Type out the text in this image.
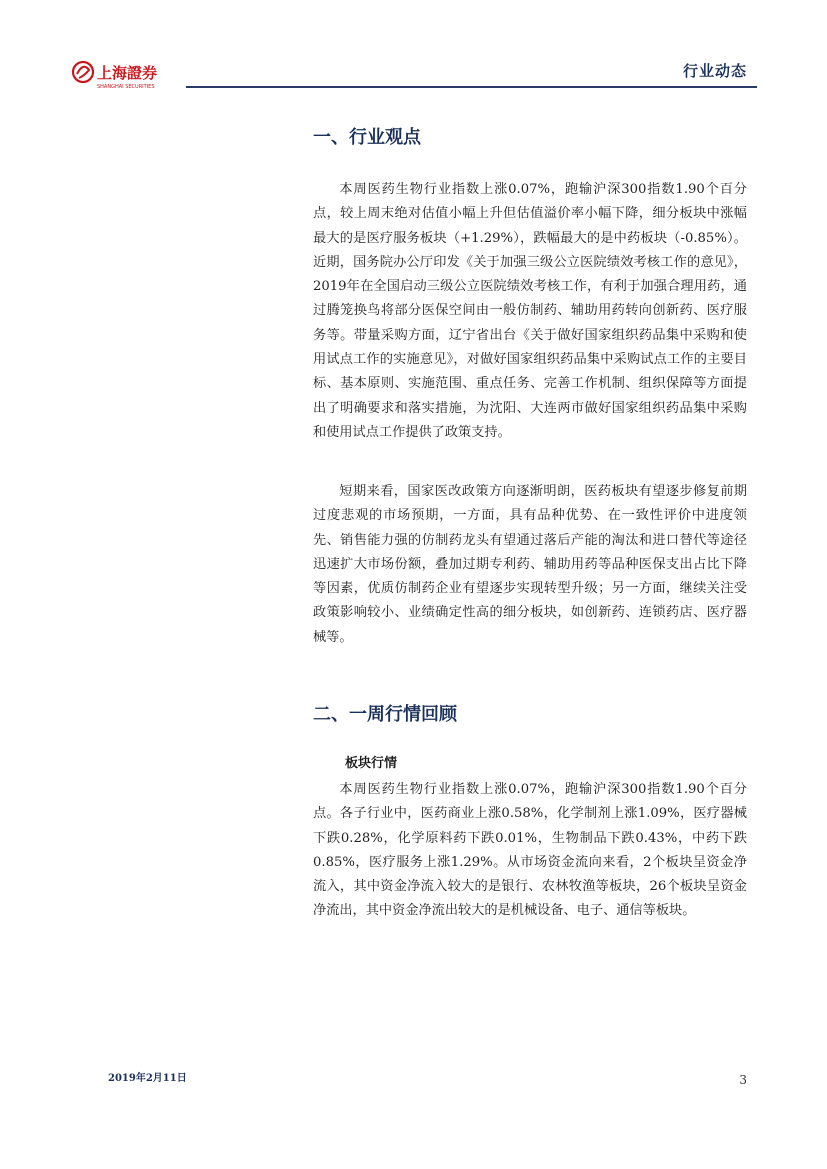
上海證券
SHANGHAI SECURITIES
行业动态
一、行业观点

本周医药生物行业指数上涨0.07%，跑输沪深300指数1.90个百分点，较上周末绝对估值小幅上升但估值溢价率小幅下降，细分板块中涨幅最大的是医疗服务板块（+1.29%），跌幅最大的是中药板块（-0.85%）。近期，国务院办公厅印发《关于加强三级公立医院绩效考核工作的意见》，2019年在全国启动三级公立医院绩效考核工作，有利于加强合理用药，通过腾笼换鸟将部分医保空间由一般仿制药、辅助用药转向创新药、医疗服务等。带量采购方面，辽宁省出台《关于做好国家组织药品集中采购和使用试点工作的实施意见》，对做好国家组织药品集中采购试点工作的主要目标、基本原则、实施范围、重点任务、完善工作机制、组织保障等方面提出了明确要求和落实措施，为沈阳、大连两市做好国家组织药品集中采购和使用试点工作提供了政策支持。

短期来看，国家医改政策方向逐渐明朗，医药板块有望逐步修复前期过度悲观的市场预期，一方面，具有品种优势、在一致性评价中进度领先、销售能力强的仿制药龙头有望通过落后产能的淘汰和进口替代等途径迅速扩大市场份额，叠加过期专利药、辅助用药等品种医保支出占比下降等因素，优质仿制药企业有望逐步实现转型升级；另一方面，继续关注受政策影响较小、业绩确定性高的细分板块，如创新药、连锁药店、医疗器械等。

二、一周行情回顾
板块行情

本周医药生物行业指数上涨0.07%，跑输沪深300指数1.90个百分点。各子行业中，医药商业上涨0.58%，化学制剂上涨1.09%，医疗器械下跌0.28%，化学原料药下跌0.01%，生物制品下跌0.43%，中药下跌0.85%，医疗服务上涨1.29%。从市场资金流向来看，2个板块呈资金净流入，其中资金净流入较大的是银行、农林牧渔等板块，26个板块呈资金净流出，其中资金净流出较大的是机械设备、电子、通信等板块。

2019年2月11日	3
